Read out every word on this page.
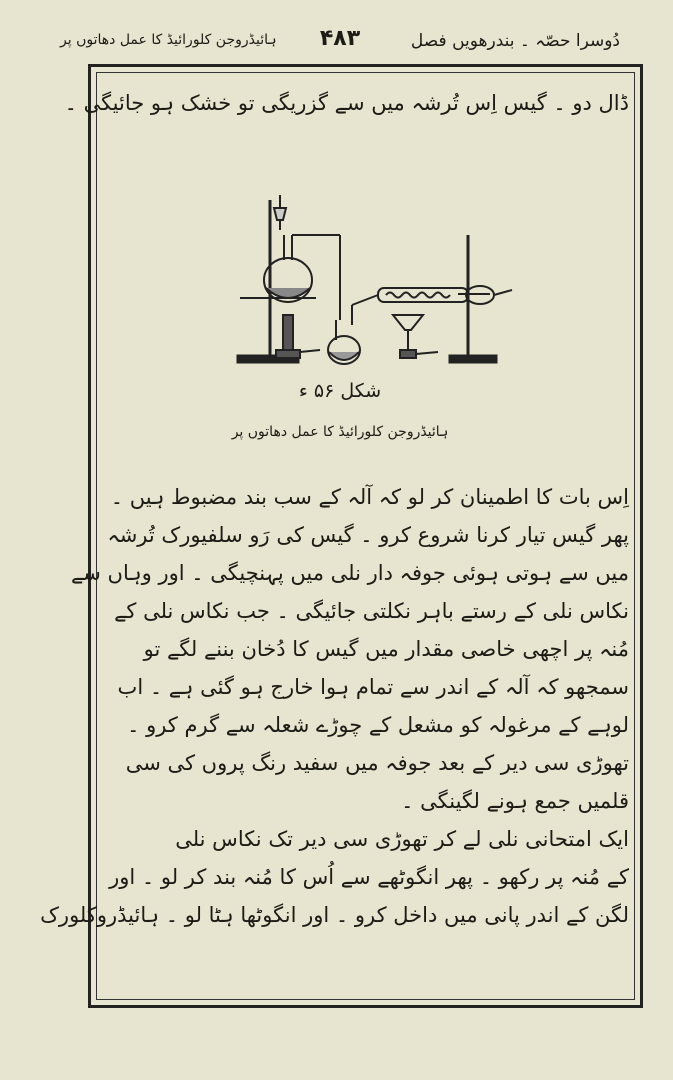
دُوسرا حصّہ ۔ بندرھویں فصل
۴۸۳
ہائیڈروجن کلورائیڈ کا عمل دھاتوں پر
ڈال دو ۔ گیس اِس تُرشہ میں سے گزریگی تو خشک ہو جائیگی ۔
شکل ۵۶ ء
ہائیڈروجن کلورائیڈ کا عمل دھاتوں پر
اِس بات کا اطمینان کر لو کہ آلہ کے سب بند مضبوط ہیں ۔
پھر گیس تیار کرنا شروع کرو ۔ گیس کی رَو سلفیورک تُرشہ
میں سے ہوتی ہوئی جوفہ دار نلی میں پہنچیگی ۔ اور وہاں سے
نکاس نلی کے رستے باہر نکلتی جائیگی ۔ جب نکاس نلی کے
مُنہ پر اچھی خاصی مقدار میں گیس کا دُخان بننے لگے تو
سمجھو کہ آلہ کے اندر سے تمام ہوا خارج ہو گئی ہے ۔ اب
لوہے کے مرغولہ کو مشعل کے چوڑے شعلہ سے گرم کرو ۔
تھوڑی سی دیر کے بعد جوفہ میں سفید رنگ پروں کی سی
قلمیں جمع ہونے لگینگی ۔
ایک امتحانی نلی لے کر تھوڑی سی دیر تک نکاس نلی
کے مُنہ پر رکھو ۔ پھر انگوٹھے سے اُس کا مُنہ بند کر لو ۔ اور
لگن کے اندر پانی میں داخل کرو ۔ اور انگوٹھا ہٹا لو ۔ ہائیڈروکلورک
